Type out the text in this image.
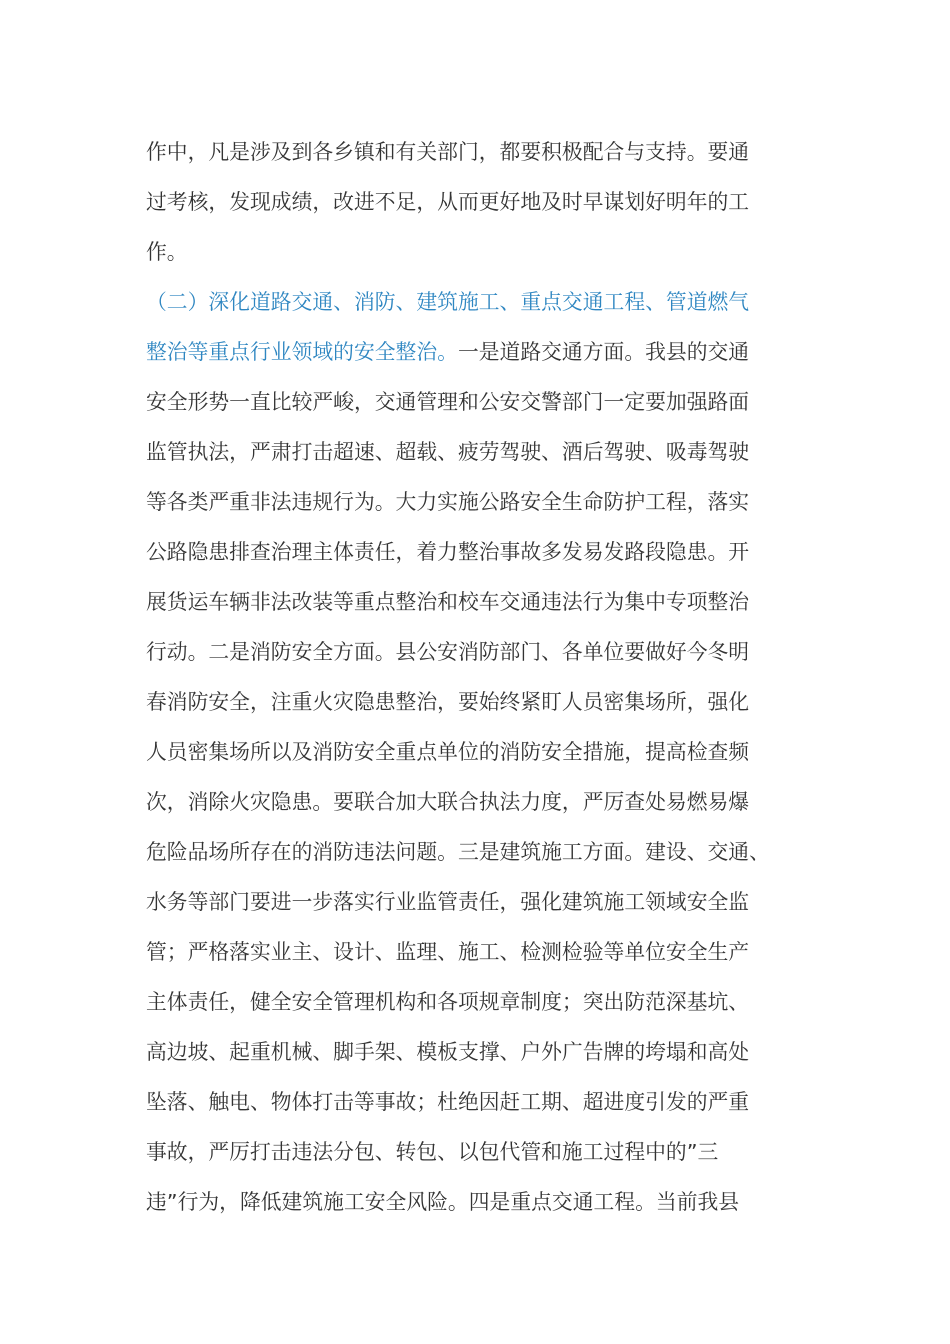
作中，凡是涉及到各乡镇和有关部门，都要积极配合与支持。要通
过考核，发现成绩，改进不足，从而更好地及时早谋划好明年的工
作。
（二）深化道路交通、消防、建筑施工、重点交通工程、管道燃气
整治等重点行业领域的安全整治。一是道路交通方面。我县的交通
安全形势一直比较严峻，交通管理和公安交警部门一定要加强路面
监管执法，严肃打击超速、超载、疲劳驾驶、酒后驾驶、吸毒驾驶
等各类严重非法违规行为。大力实施公路安全生命防护工程，落实
公路隐患排查治理主体责任，着力整治事故多发易发路段隐患。开
展货运车辆非法改装等重点整治和校车交通违法行为集中专项整治
行动。二是消防安全方面。县公安消防部门、各单位要做好今冬明
春消防安全，注重火灾隐患整治，要始终紧盯人员密集场所，强化
人员密集场所以及消防安全重点单位的消防安全措施，提高检查频
次，消除火灾隐患。要联合加大联合执法力度，严厉查处易燃易爆
危险品场所存在的消防违法问题。三是建筑施工方面。建设、交通、
水务等部门要进一步落实行业监管责任，强化建筑施工领域安全监
管；严格落实业主、设计、监理、施工、检测检验等单位安全生产
主体责任，健全安全管理机构和各项规章制度；突出防范深基坑、
高边坡、起重机械、脚手架、模板支撑、户外广告牌的垮塌和高处
坠落、触电、物体打击等事故；杜绝因赶工期、超进度引发的严重
事故，严厉打击违法分包、转包、以包代管和施工过程中的”三
违”行为，降低建筑施工安全风险。四是重点交通工程。当前我县
